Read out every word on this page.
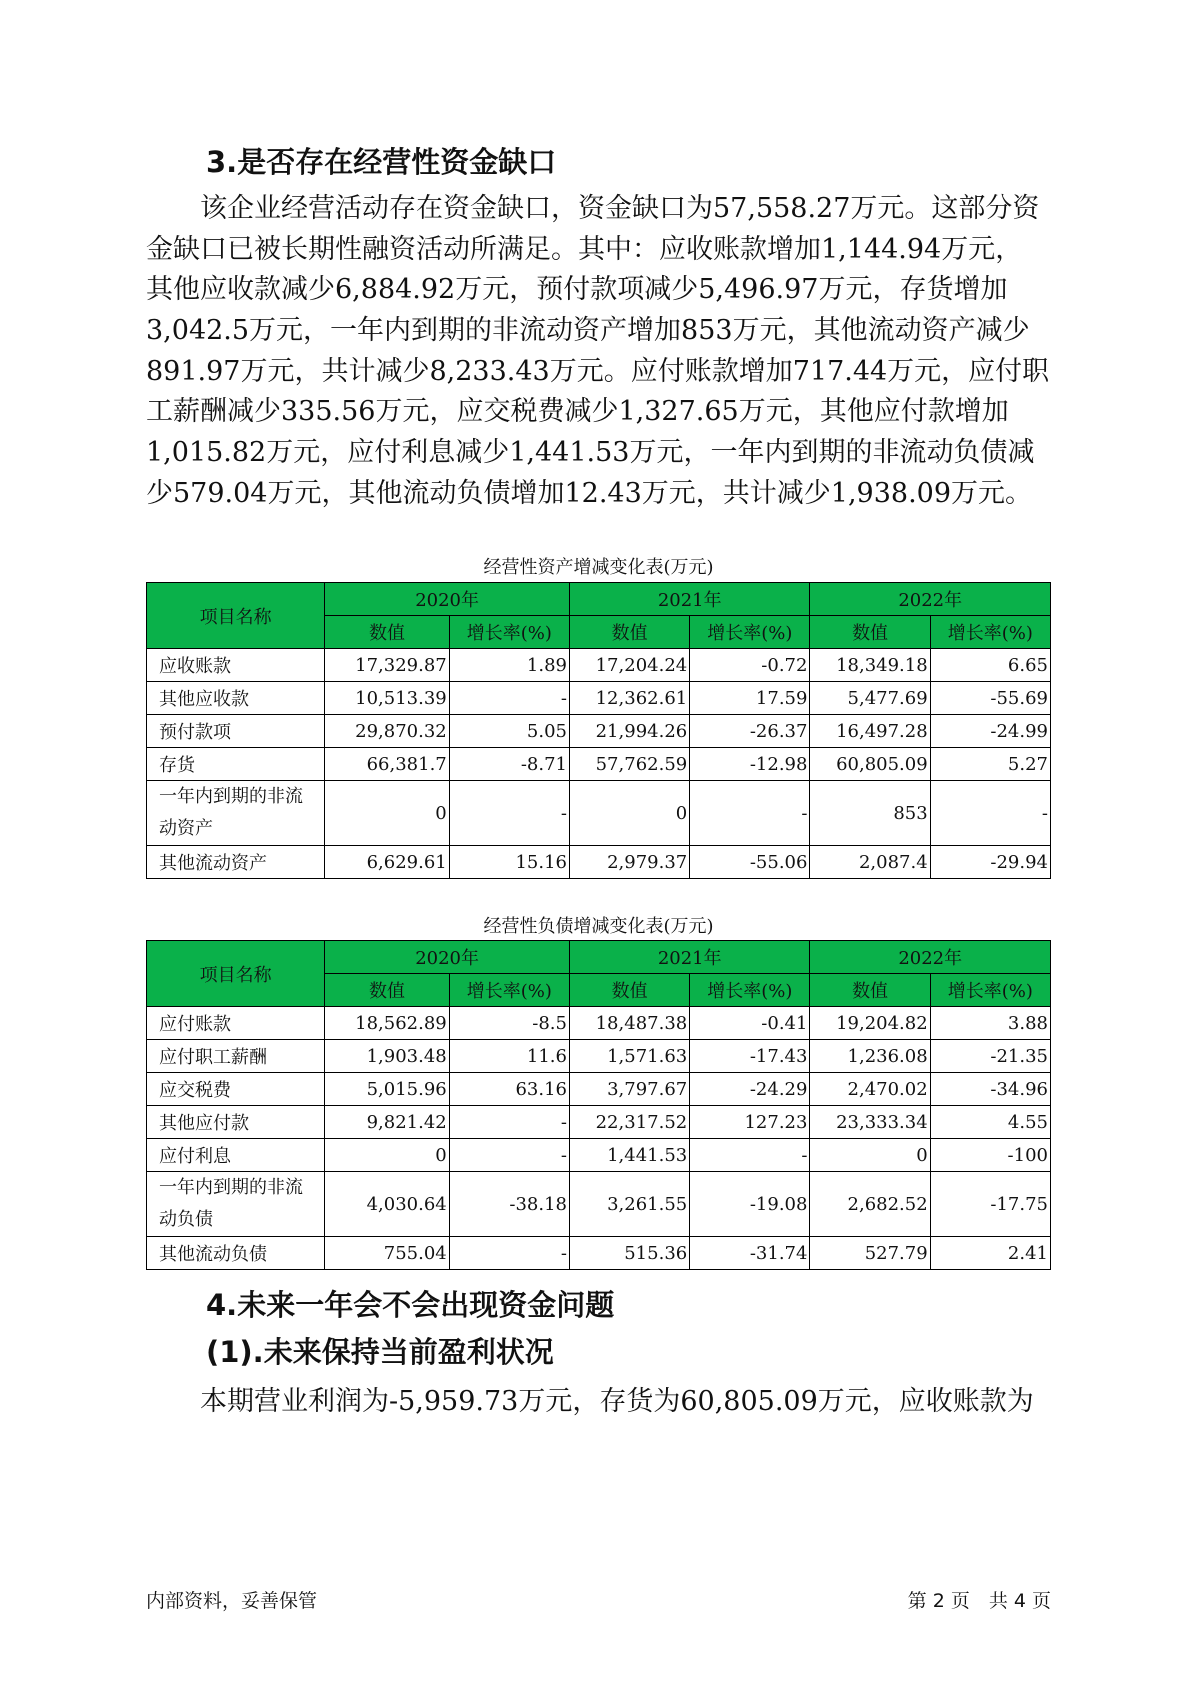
3.是否存在经营性资金缺口
　　该企业经营活动存在资金缺口，资金缺口为57,558.27万元。这部分资
金缺口已被长期性融资活动所满足。其中：应收账款增加1,144.94万元，
其他应收款减少6,884.92万元，预付款项减少5,496.97万元，存货增加
3,042.5万元，一年内到期的非流动资产增加853万元，其他流动资产减少
891.97万元，共计减少8,233.43万元。应付账款增加717.44万元，应付职
工薪酬减少335.56万元，应交税费减少1,327.65万元，其他应付款增加
1,015.82万元，应付利息减少1,441.53万元，一年内到期的非流动负债减
少579.04万元，其他流动负债增加12.43万元，共计减少1,938.09万元。

经营性资产增减变化表(万元)

项目名称	2020年		2021年		2022年	
	数值	增长率(%)	数值	增长率(%)	数值	增长率(%)

应收账款	17,329.87	1.89	17,204.24	-0.72	18,349.18	6.65

其他应收款	10,513.39	-	12,362.61	17.59	5,477.69	-55.69

预付款项	29,870.32	5.05	21,994.26	-26.37	16,497.28	-24.99

存货	66,381.7	-8.71	57,762.59	-12.98	60,805.09	5.27

一年内到期的非流
动资产	0	-	0	-	853	-

其他流动资产	6,629.61	15.16	2,979.37	-55.06	2,087.4	-29.94

经营性负债增减变化表(万元)

项目名称	2020年		2021年		2022年	
	数值	增长率(%)	数值	增长率(%)	数值	增长率(%)

应付账款	18,562.89	-8.5	18,487.38	-0.41	19,204.82	3.88

应付职工薪酬	1,903.48	11.6	1,571.63	-17.43	1,236.08	-21.35

应交税费	5,015.96	63.16	3,797.67	-24.29	2,470.02	-34.96

其他应付款	9,821.42	-	22,317.52	127.23	23,333.34	4.55

应付利息	0	-	1,441.53	-	0	-100

一年内到期的非流
动负债	4,030.64	-38.18	3,261.55	-19.08	2,682.52	-17.75

其他流动负债	755.04	-	515.36	-31.74	527.79	2.41
4.未来一年会不会出现资金问题
(1).未来保持当前盈利状况
　　本期营业利润为-5,959.73万元，存货为60,805.09万元，应收账款为

内部资料，妥善保管	第 2 页　共 4 页
